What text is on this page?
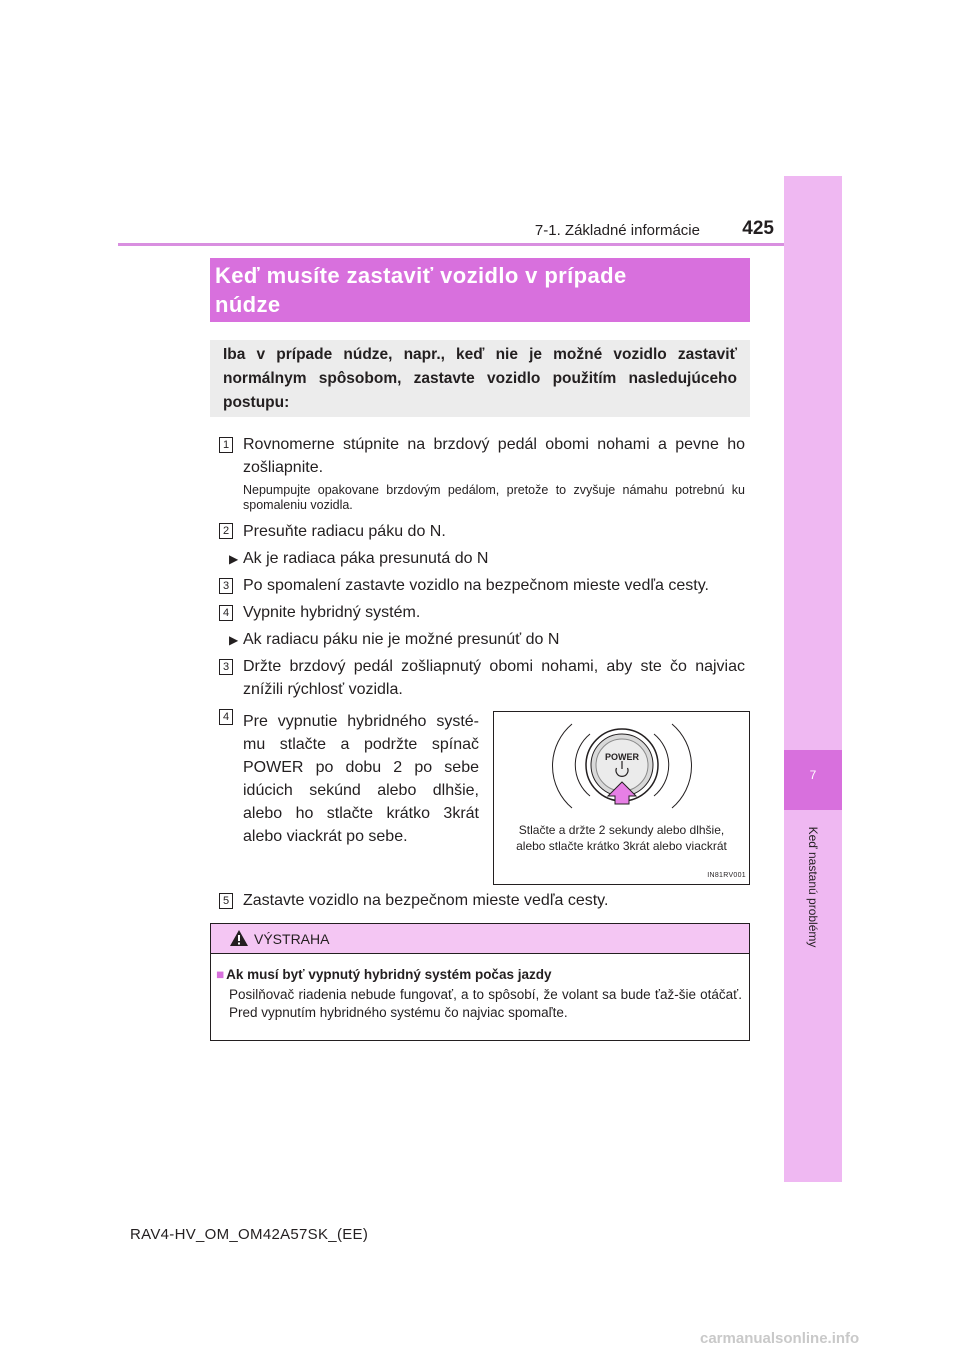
7-1. Základné informácie	425
7
Keď nastanú problémy
Keď musíte zastaviť vozidlo v prípade
núdze
Iba v prípade núdze, napr., keď nie je možné vozidlo zastaviť normálnym spôsobom, zastavte vozidlo použitím nasledujúceho postupu:
1 Rovnomerne stúpnite na brzdový pedál obomi nohami a pevne ho zošliapnite.
Nepumpujte opakovane brzdovým pedálom, pretože to zvyšuje námahu potrebnú ku spomaleniu vozidla.
2 Presuňte radiacu páku do N.
▶ Ak je radiaca páka presunutá do N
3 Po spomalení zastavte vozidlo na bezpečnom mieste vedľa cesty.
4 Vypnite hybridný systém.
▶ Ak radiacu páku nie je možné presunúť do N
3 Držte brzdový pedál zošliapnutý obomi nohami, aby ste čo najviac znížili rýchlosť vozidla.
4 Pre vypnutie hybridného systé-mu stlačte a podržte spínač POWER po dobu 2 po sebe idúcich sekúnd alebo dlhšie, alebo ho stlačte krátko 3krát alebo viackrát po sebe.
POWER
Stlačte a držte 2 sekundy alebo dlhšie,
alebo stlačte krátko 3krát alebo viackrát
IN81RV001
5 Zastavte vozidlo na bezpečnom mieste vedľa cesty.
VÝSTRAHA
■ Ak musí byť vypnutý hybridný systém počas jazdy
Posilňovač riadenia nebude fungovať, a to spôsobí, že volant sa bude ťaž-šie otáčať. Pred vypnutím hybridného systému čo najviac spomaľte.
RAV4-HV_OM_OM42A57SK_(EE)
carmanualsonline.info
